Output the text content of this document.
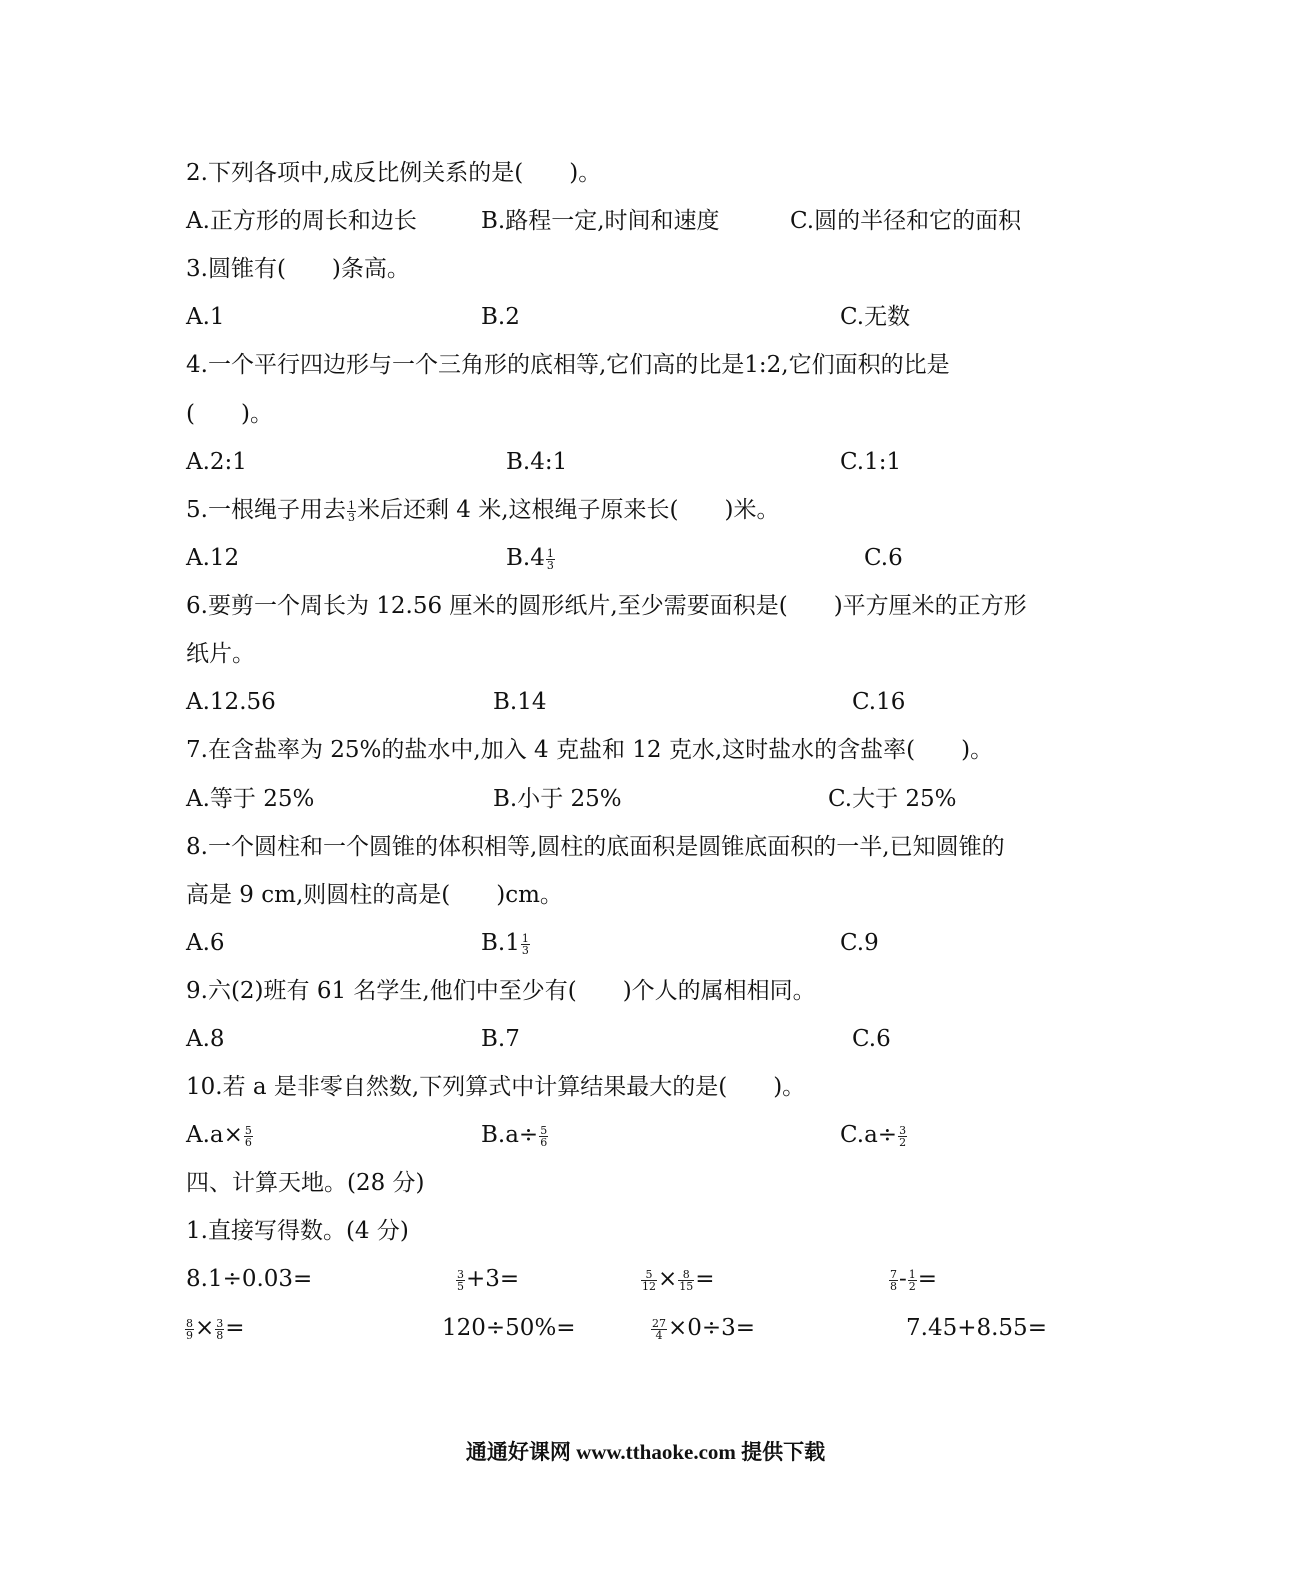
2.下列各项中,成反比例关系的是(　　)。
A.正方形的周长和边长	B.路程一定,时间和速度	C.圆的半径和它的面积
3.圆锥有(　　)条高。
A.1	B.2	C.无数
4.一个平行四边形与一个三角形的底相等,它们高的比是1:2,它们面积的比是
(　　)。
A.2:1	B.4:1	C.1:1
5.一根绳子用去 $\frac{1}{3}$ 米后还剩 4 米,这根绳子原来长(　　)米。
A.12	$B.4 \frac{1}{3}$	C.6
6.要剪一个周长为 12.56 厘米的圆形纸片,至少需要面积是(　　)平方厘米的正方形
纸片。
A.12.56	B.14	C.16
7.在含盐率为 25%的盐水中,加入 4 克盐和 12 克水,这时盐水的含盐率(　　)。
A.等于 25%	B.小于 25%	C.大于 25%
8.一个圆柱和一个圆锥的体积相等,圆柱的底面积是圆锥底面积的一半,已知圆锥的
高是 9 cm,则圆柱的高是(　　)cm。
A.6	$B.1 \frac{1}{3}$	C.9
9.六(2)班有 61 名学生,他们中至少有(　　)个人的属相相同。
A.8	B.7	C.6
10.若 a 是非零自然数,下列算式中计算结果最大的是(　　)。
$A.a\times \frac{5}{6}$	$B.a\div \frac{5}{6}$	$C.a\div \frac{3}{2}$
四、计算天地。(28 分)
1.直接写得数。(4 分)
8.1÷0.03=	$\frac{3}{5} +3=$	$\frac{5}{12} \times \frac{8}{15}$ =	$\frac{7}{8} - \frac{1}{2}$ =
$\frac{8}{9} \times \frac{3}{8}$ =	120÷50%=	$\frac{27}{4} \times 0\div 3=$	7.45+8.55=
通通好课网 www.tthaoke.com 提供下载
